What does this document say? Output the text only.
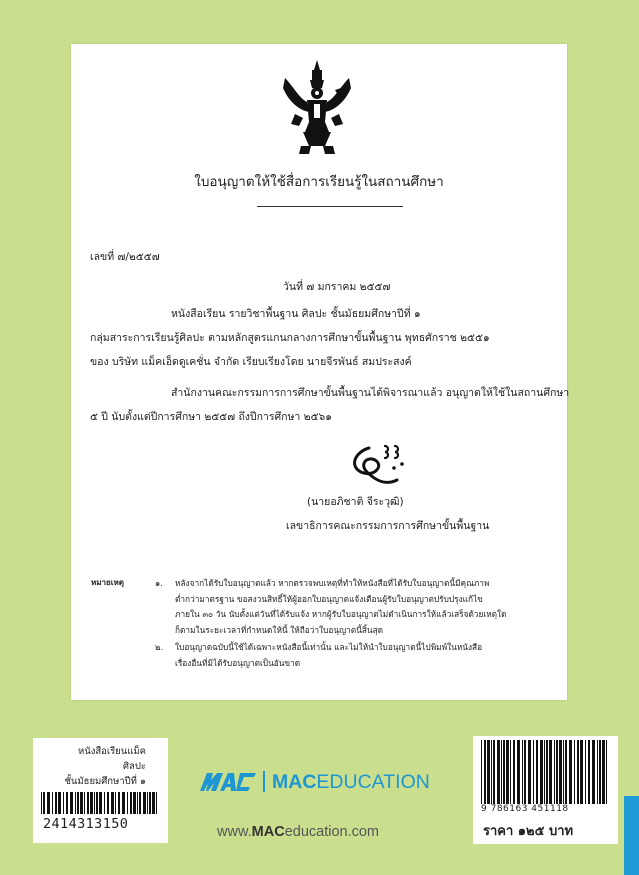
ใบอนุญาตให้ใช้สื่อการเรียนรู้ในสถานศึกษา
เลขที่ ๗/๒๕๕๗
วันที่ ๗ มกราคม ๒๕๕๗
หนังสือเรียน รายวิชาพื้นฐาน ศิลปะ ชั้นมัธยมศึกษาปีที่ ๑
กลุ่มสาระการเรียนรู้ศิลปะ ตามหลักสูตรแกนกลางการศึกษาขั้นพื้นฐาน พุทธศักราช ๒๕๕๑
ของ บริษัท แม็คเอ็ดดูเคชั่น จำกัด เรียบเรียงโดย นายจีรพันธ์ สมประสงค์
สำนักงานคณะกรรมการการศึกษาขั้นพื้นฐานได้พิจารณาแล้ว อนุญาตให้ใช้ในสถานศึกษา
๕ ปี นับตั้งแต่ปีการศึกษา ๒๕๕๗ ถึงปีการศึกษา ๒๕๖๑
(นายอภิชาติ จีระวุฒิ)
เลขาธิการคณะกรรมการการศึกษาขั้นพื้นฐาน
หมายเหตุ	๑. หลังจากได้รับใบอนุญาตแล้ว หากตรวจพบเหตุที่ทำให้หนังสือที่ได้รับใบอนุญาตนี้มีคุณภาพ
ต่ำกว่ามาตรฐาน ขอสงวนสิทธิ์ให้ผู้ออกใบอนุญาตแจ้งเตือนผู้รับใบอนุญาตปรับปรุงแก้ไข
ภายใน ๓๐ วัน นับตั้งแต่วันที่ได้รับแจ้ง หากผู้รับใบอนุญาตไม่ดำเนินการให้แล้วเสร็จด้วยเหตุใด
ก็ตามในระยะเวลาที่กำหนดให้นี้ ให้ถือว่าใบอนุญาตนี้สิ้นสุด
๒. ใบอนุญาตฉบับนี้ใช้ได้เฉพาะหนังสือนี้เท่านั้น และไม่ให้นำใบอนุญาตนี้ไปพิมพ์ในหนังสือ
เรื่องอื่นที่มิได้รับอนุญาตเป็นอันขาด
หนังสือเรียนแม็ค
ศิลปะ
ชั้นมัธยมศึกษาปีที่ ๑
2414313150
MACEDUCATION
www.MACeducation.com
9 786163 451118
ราคา ๑๒๕ บาท
